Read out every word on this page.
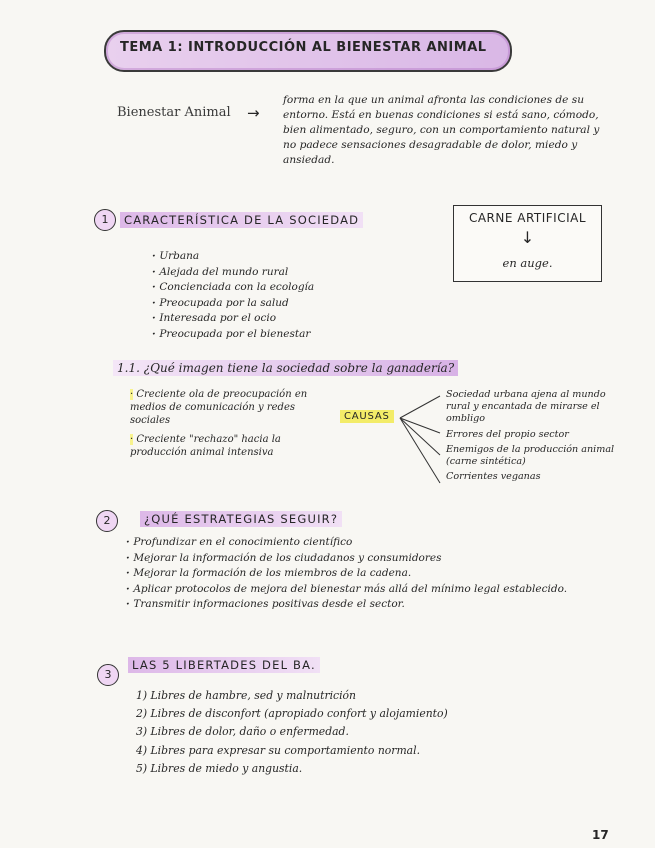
TEMA 1: INTRODUCCIÓN AL BIENESTAR ANIMAL
Bienestar Animal →
forma en la que un animal afronta las condiciones de su entorno. Está en buenas condiciones si está sano, cómodo, bien alimentado, seguro, con un comportamiento natural y no padece sensaciones desagradable de dolor, miedo y ansiedad.
1	CARACTERÍSTICA DE LA SOCIEDAD
· Urbana
· Alejada del mundo rural
· Concienciada con la ecología
· Preocupada por la salud
· Interesada por el ocio
· Preocupada por el bienestar
CARNE ARTIFICIAL
↓
en auge.
1.1. ¿Qué imagen tiene la sociedad sobre la ganadería?
· Creciente ola de preocupación en medios de comunicación y redes sociales
· Creciente "rechazo" hacia la producción animal intensiva
CAUSAS
Sociedad urbana ajena al mundo rural y encantada de mirarse el ombligo
Errores del propio sector
Enemigos de la producción animal (carne sintética)
Corrientes veganas
2	¿QUÉ ESTRATEGIAS SEGUIR?
· Profundizar en el conocimiento científico
· Mejorar la información de los ciudadanos y consumidores
· Mejorar la formación de los miembros de la cadena.
· Aplicar protocolos de mejora del bienestar más allá del mínimo legal establecido.
· Transmitir informaciones positivas desde el sector.
3
LAS 5 LIBERTADES DEL BA.
1) Libres de hambre, sed y malnutrición
2) Libres de disconfort (apropiado confort y alojamiento)
3) Libres de dolor, daño o enfermedad.
4) Libres para expresar su comportamiento normal.
5) Libres de miedo y angustia.
17
